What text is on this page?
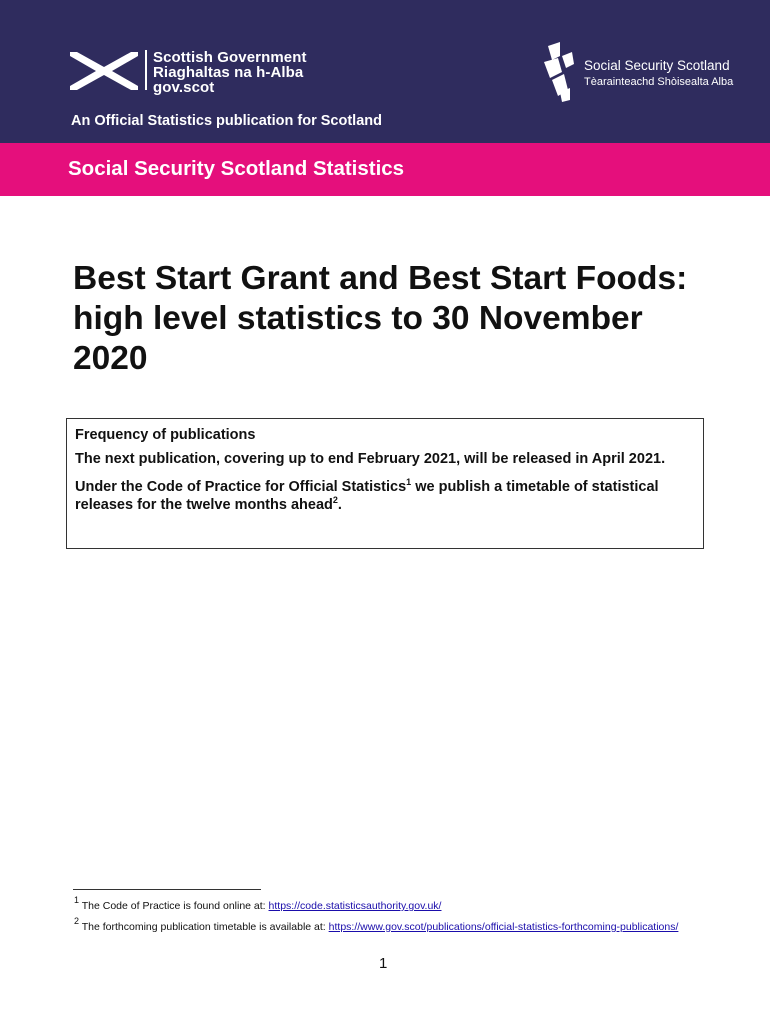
Scottish Government
Riaghaltas na h-Alba
gov.scot
Social Security Scotland
Tèarainteachd Shòisealta Alba
An Official Statistics publication for Scotland
Social Security Scotland Statistics
Best Start Grant and Best Start Foods: high level statistics to 30 November 2020

Frequency of publications

The next publication, covering up to end February 2021, will be released in April 2021.

Under the Code of Practice for Official Statistics$^1$ we publish a timetable of statistical releases for the twelve months ahead$^2$.

$^1$ The Code of Practice is found online at: https://code.statisticsauthority.gov.uk/
$^2$ The forthcoming publication timetable is available at: https://www.gov.scot/publications/official-statistics-forthcoming-publications/
1
